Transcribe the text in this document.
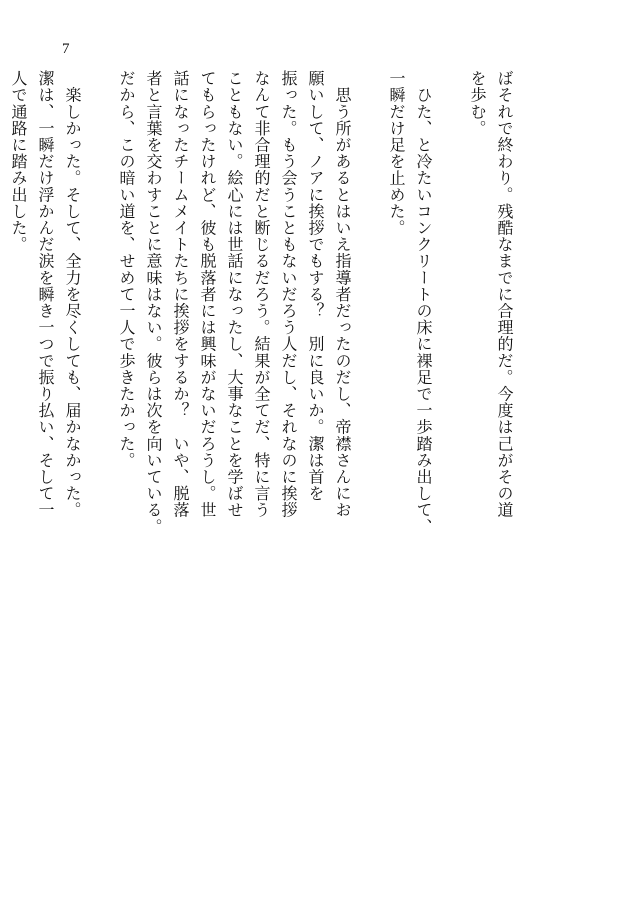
7

ばそれで終わり。残酷なまでに合理的だ。今度は己がその道
を歩む。

　ひた、と冷たいコンクリートの床に裸足で一歩踏み出して、
一瞬だけ足を止めた。

　思う所があるとはいえ指導者だったのだし、帝襟さんにお
願いして、ノアに挨拶でもする？　別に良いか。潔は首を
振った。もう会うこともないだろう人だし、それなのに挨拶
なんて非合理的だと断じるだろう。結果が全てだ、特に言う
こともない。絵心には世話になったし、大事なことを学ばせ
てもらったけれど、彼も脱落者には興味がないだろうし。世
話になったチームメイトたちに挨拶をするか？　いや、脱落
者と言葉を交わすことに意味はない。彼らは次を向いている。
だから、この暗い道を、せめて一人で歩きたかった。

　楽しかった。そして、全力を尽くしても、届かなかった。
潔は、一瞬だけ浮かんだ涙を瞬き一つで振り払い、そして一
人で通路に踏み出した。
